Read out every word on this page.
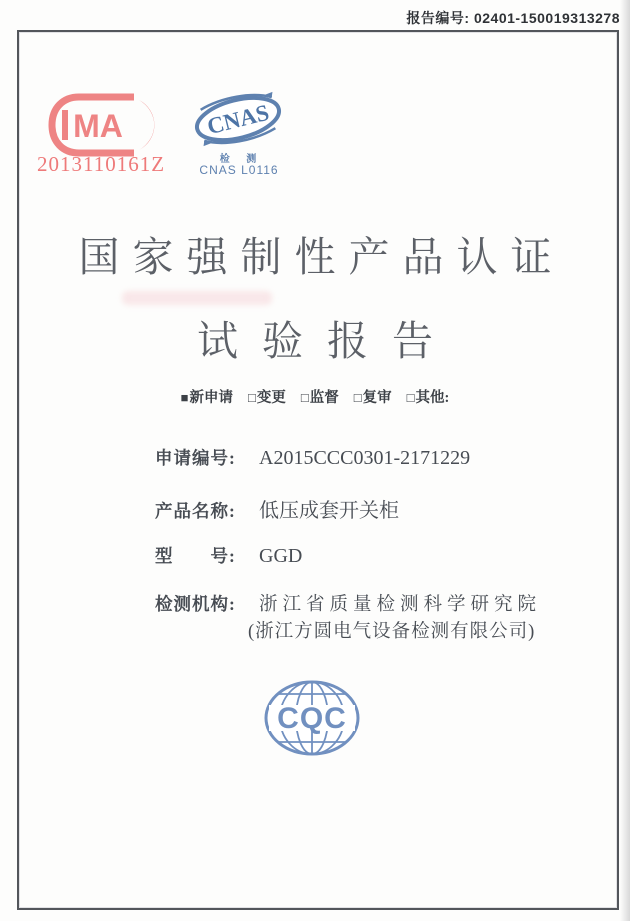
报告编号: 02401-150019313278
MA
2013110161Z
CNAS
检 测
CNAS L0116
国家强制性产品认证
试验报告
■新申请 □变更 □监督 □复审 □其他:
申请编号: A2015CCC0301-2171229
产品名称: 低压成套开关柜
型　　号: GGD
检测机构: 浙江省质量检测科学研究院
(浙江方圆电气设备检测有限公司)
CQC
